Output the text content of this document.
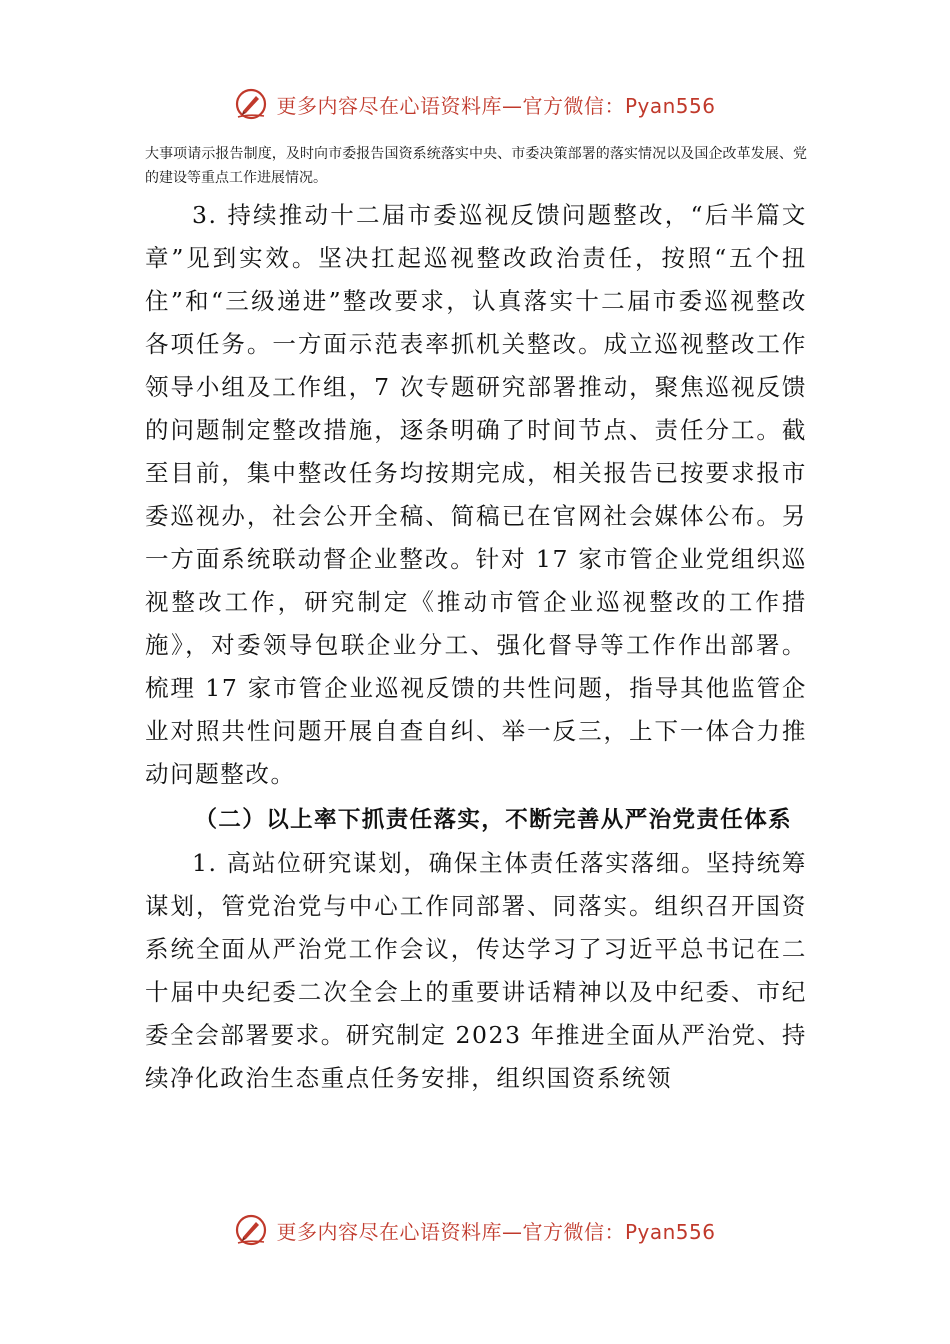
更多内容尽在心语资料库—官方微信：Pyan556

大事项请示报告制度，及时向市委报告国资系统落实中央、市委决策部署的落实情况以及国企改革发展、党的建设等重点工作进展情况。

3. 持续推动十二届市委巡视反馈问题整改，“后半篇文章”见到实效。坚决扛起巡视整改政治责任，按照“五个扭住”和“三级递进”整改要求，认真落实十二届市委巡视整改各项任务。一方面示范表率抓机关整改。成立巡视整改工作领导小组及工作组，7 次专题研究部署推动，聚焦巡视反馈的问题制定整改措施，逐条明确了时间节点、责任分工。截至目前，集中整改任务均按期完成，相关报告已按要求报市委巡视办，社会公开全稿、简稿已在官网社会媒体公布。另一方面系统联动督企业整改。针对 17 家市管企业党组织巡视整改工作，研究制定《推动市管企业巡视整改的工作措施》，对委领导包联企业分工、强化督导等工作作出部署。梳理 17 家市管企业巡视反馈的共性问题，指导其他监管企业对照共性问题开展自查自纠、举一反三，上下一体合力推动问题整改。

（二）以上率下抓责任落实，不断完善从严治党责任体系

1. 高站位研究谋划，确保主体责任落实落细。坚持统筹谋划，管党治党与中心工作同部署、同落实。组织召开国资系统全面从严治党工作会议，传达学习了习近平总书记在二十届中央纪委二次全会上的重要讲话精神以及中纪委、市纪委全会部署要求。研究制定 2023 年推进全面从严治党、持续净化政治生态重点任务安排，组织国资系统领

更多内容尽在心语资料库—官方微信：Pyan556
